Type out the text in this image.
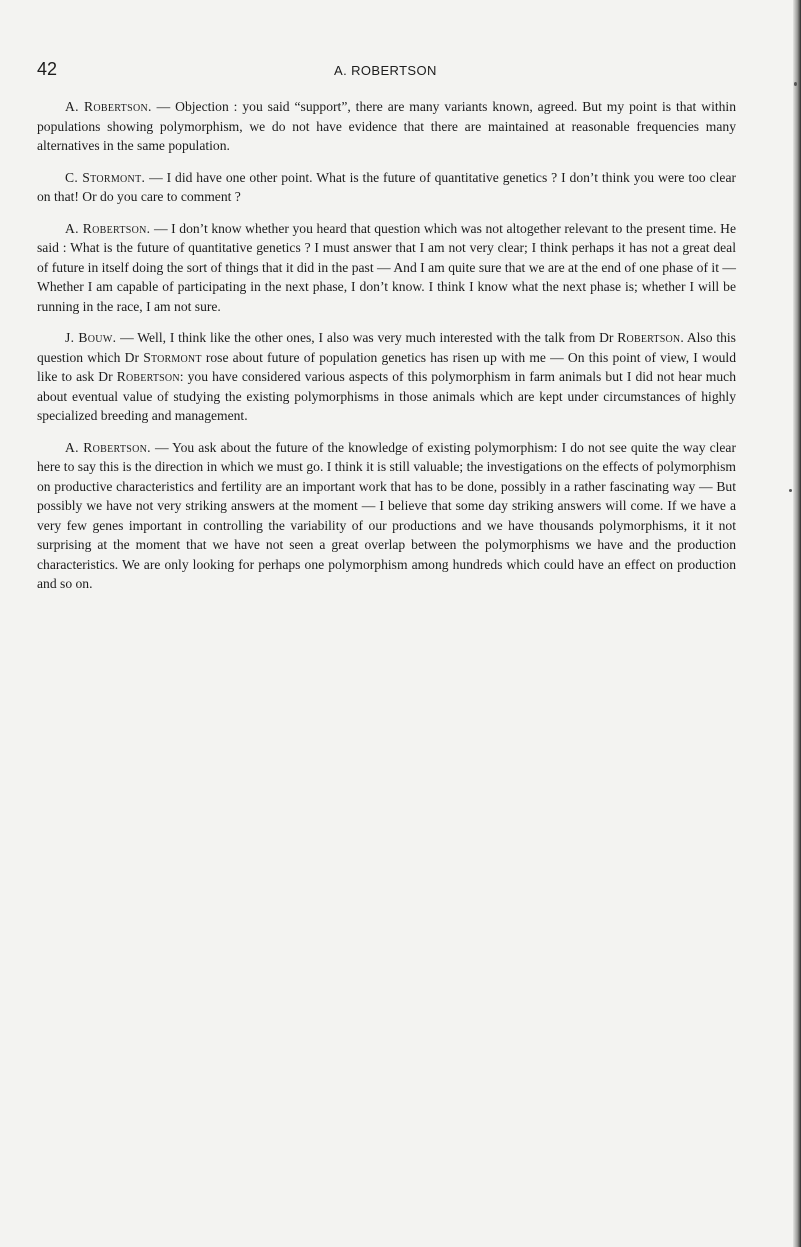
42	A. ROBERTSON

A. Robertson. — Objection : you said “support”, there are many variants known, agreed. But my point is that within populations showing polymorphism, we do not have evidence that there are maintained at reasonable frequencies many alternatives in the same population.

C. Stormont. — I did have one other point. What is the future of quantitative genetics ? I don’t think you were too clear on that! Or do you care to comment ?

A. Robertson. — I don’t know whether you heard that question which was not altogether relevant to the present time. He said : What is the future of quantitative genetics ? I must answer that I am not very clear; I think perhaps it has not a great deal of future in itself doing the sort of things that it did in the past — And I am quite sure that we are at the end of one phase of it — Whether I am capable of participating in the next phase, I don’t know. I think I know what the next phase is; whether I will be running in the race, I am not sure.

J. Bouw. — Well, I think like the other ones, I also was very much interested with the talk from Dr Robertson. Also this question which Dr Stormont rose about future of population genetics has risen up with me — On this point of view, I would like to ask Dr Robertson: you have considered various aspects of this polymorphism in farm animals but I did not hear much about eventual value of studying the existing polymorphisms in those animals which are kept under circumstances of highly specialized breeding and management.

A. Robertson. — You ask about the future of the knowledge of existing polymorphism: I do not see quite the way clear here to say this is the direction in which we must go. I think it is still valuable; the investigations on the effects of polymorphism on productive characteristics and fertility are an important work that has to be done, possibly in a rather fascinating way — But possibly we have not very striking answers at the moment — I believe that some day striking answers will come. If we have a very few genes important in controlling the variability of our productions and we have thousands polymorphisms, it it not surprising at the moment that we have not seen a great overlap between the polymorphisms we have and the production characteristics. We are only looking for perhaps one polymorphism among hundreds which could have an effect on production and so on.
